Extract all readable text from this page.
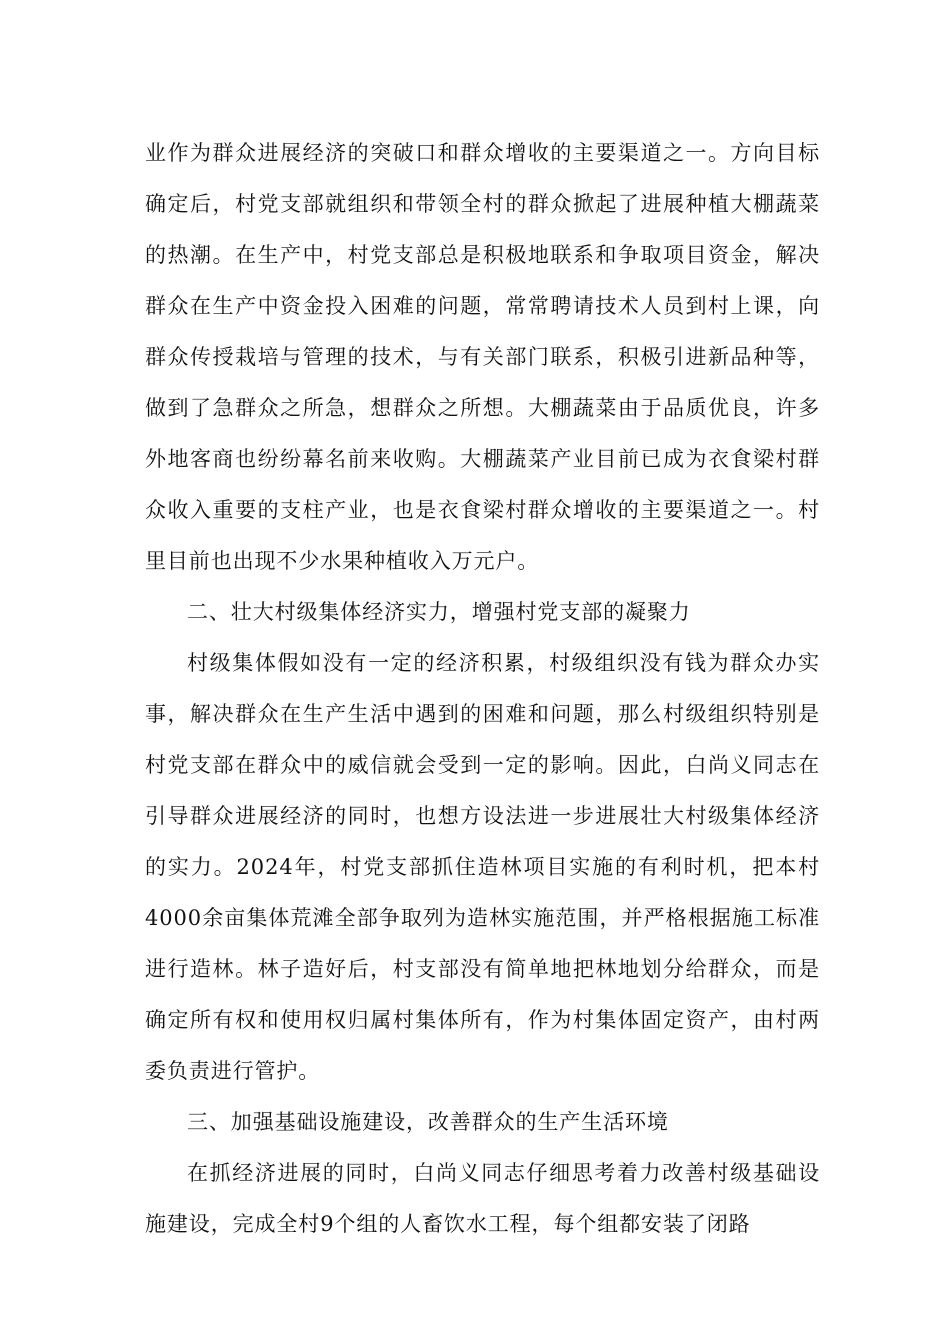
业作为群众进展经济的突破口和群众增收的主要渠道之一。方向目标确定后，村党支部就组织和带领全村的群众掀起了进展种植大棚蔬菜的热潮。在生产中，村党支部总是积极地联系和争取项目资金，解决群众在生产中资金投入困难的问题，常常聘请技术人员到村上课，向群众传授栽培与管理的技术，与有关部门联系，积极引进新品种等，做到了急群众之所急，想群众之所想。大棚蔬菜由于品质优良，许多外地客商也纷纷幕名前来收购。大棚蔬菜产业目前已成为衣食梁村群众收入重要的支柱产业，也是衣食梁村群众增收的主要渠道之一。村里目前也出现不少水果种植收入万元户。

二、壮大村级集体经济实力，增强村党支部的凝聚力

村级集体假如没有一定的经济积累，村级组织没有钱为群众办实事，解决群众在生产生活中遇到的困难和问题，那么村级组织特别是村党支部在群众中的威信就会受到一定的影响。因此，白尚义同志在引导群众进展经济的同时，也想方设法进一步进展壮大村级集体经济的实力。2024年，村党支部抓住造林项目实施的有利时机，把本村4000余亩集体荒滩全部争取列为造林实施范围，并严格根据施工标准进行造林。林子造好后，村支部没有简单地把林地划分给群众，而是确定所有权和使用权归属村集体所有，作为村集体固定资产，由村两委负责进行管护。

三、加强基础设施建设，改善群众的生产生活环境

在抓经济进展的同时，白尚义同志仔细思考着力改善村级基础设施建设，完成全村9个组的人畜饮水工程，每个组都安装了闭路
